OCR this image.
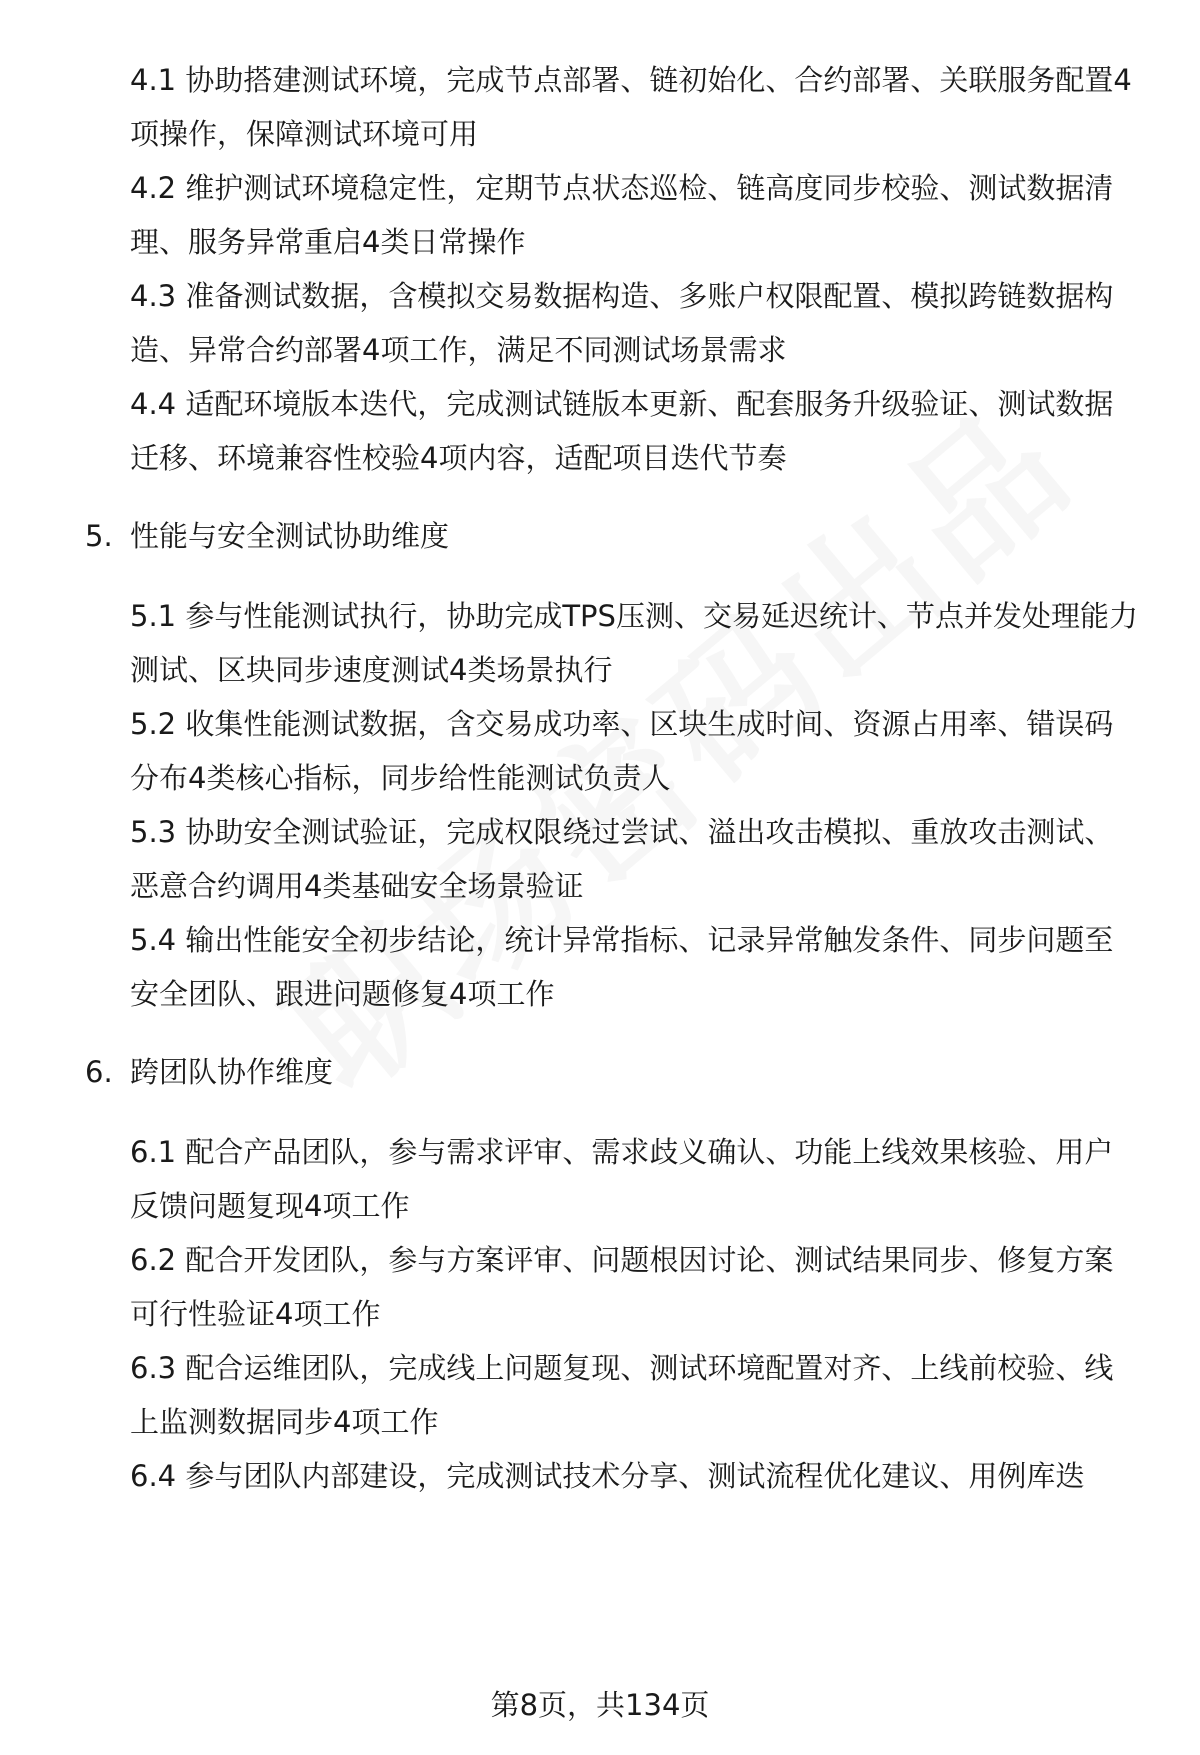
4.1 协助搭建测试环境，完成节点部署、链初始化、合约部署、关联服务配置4
项操作，保障测试环境可用
4.2 维护测试环境稳定性，定期节点状态巡检、链高度同步校验、测试数据清
理、服务异常重启4类日常操作
4.3 准备测试数据，含模拟交易数据构造、多账户权限配置、模拟跨链数据构
造、异常合约部署4项工作，满足不同测试场景需求
4.4 适配环境版本迭代，完成测试链版本更新、配套服务升级验证、测试数据
迁移、环境兼容性校验4项内容，适配项目迭代节奏
5. 性能与安全测试协助维度
5.1 参与性能测试执行，协助完成TPS压测、交易延迟统计、节点并发处理能力
测试、区块同步速度测试4类场景执行
5.2 收集性能测试数据，含交易成功率、区块生成时间、资源占用率、错误码
分布4类核心指标，同步给性能测试负责人
5.3 协助安全测试验证，完成权限绕过尝试、溢出攻击模拟、重放攻击测试、
恶意合约调用4类基础安全场景验证
5.4 输出性能安全初步结论，统计异常指标、记录异常触发条件、同步问题至
安全团队、跟进问题修复4项工作
6. 跨团队协作维度
6.1 配合产品团队，参与需求评审、需求歧义确认、功能上线效果核验、用户
反馈问题复现4项工作
6.2 配合开发团队，参与方案评审、问题根因讨论、测试结果同步、修复方案
可行性验证4项工作
6.3 配合运维团队，完成线上问题复现、测试环境配置对齐、上线前校验、线
上监测数据同步4项工作
6.4 参与团队内部建设，完成测试技术分享、测试流程优化建议、用例库迭
第8页，共134页
